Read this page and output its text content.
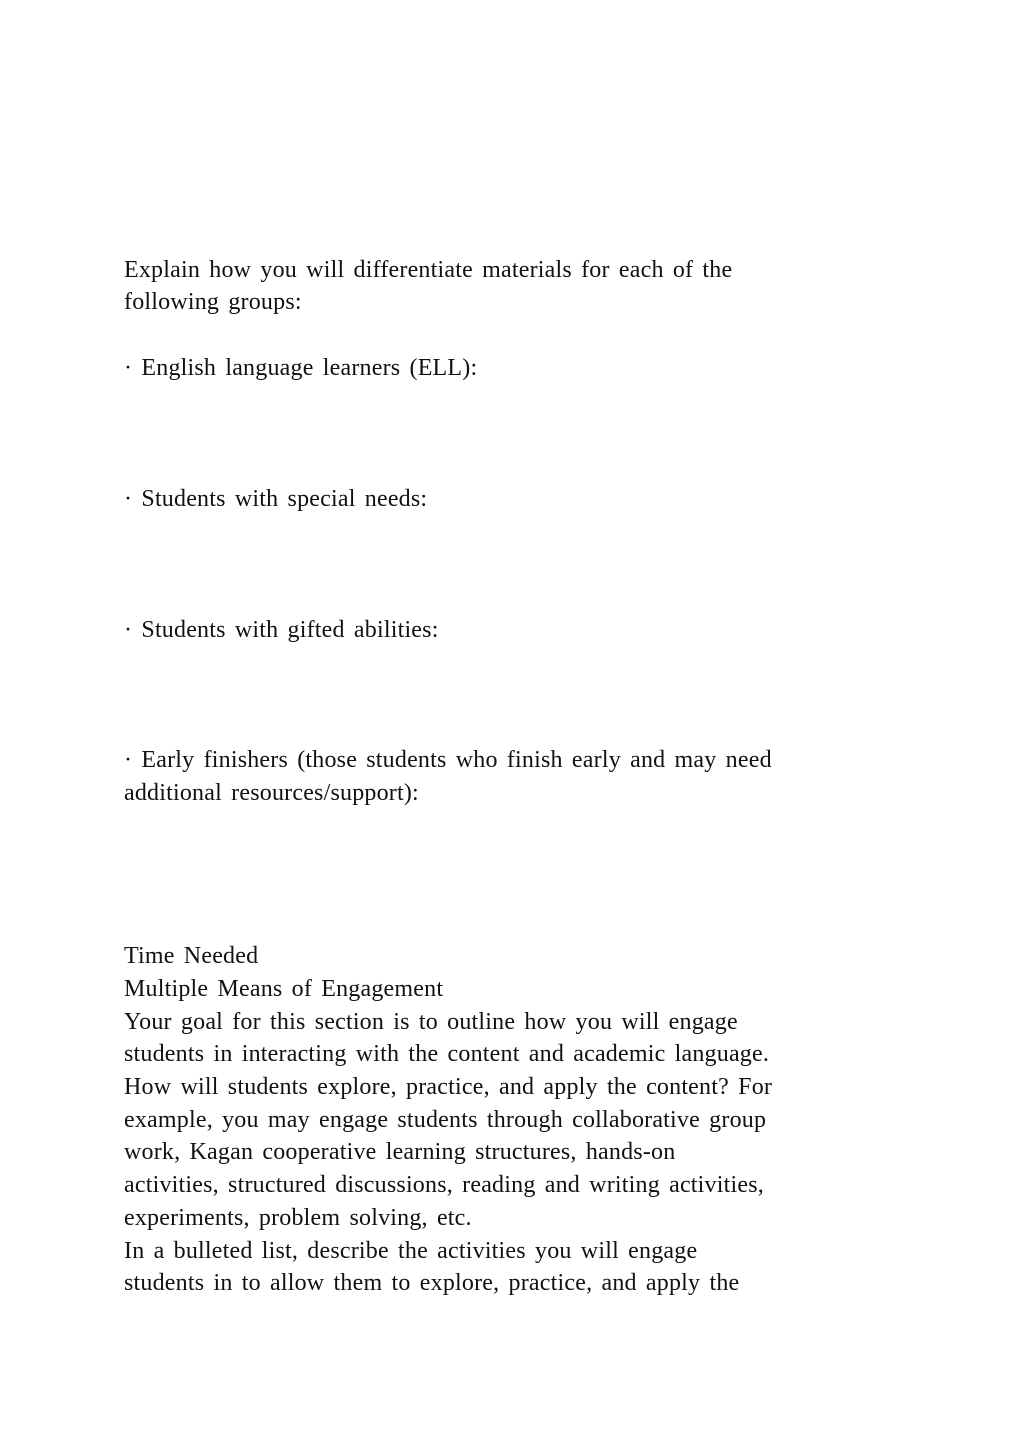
Explain how you will differentiate materials for each of the
following groups:
· English language learners (ELL):
· Students with special needs:
· Students with gifted abilities:
· Early finishers (those students who finish early and may need
additional resources/support):
Time Needed
Multiple Means of Engagement
Your goal for this section is to outline how you will engage
students in interacting with the content and academic language.
How will students explore, practice, and apply the content? For
example, you may engage students through collaborative group
work, Kagan cooperative learning structures, hands-on
activities, structured discussions, reading and writing activities,
experiments, problem solving, etc.
In a bulleted list, describe the activities you will engage
students in to allow them to explore, practice, and apply the
